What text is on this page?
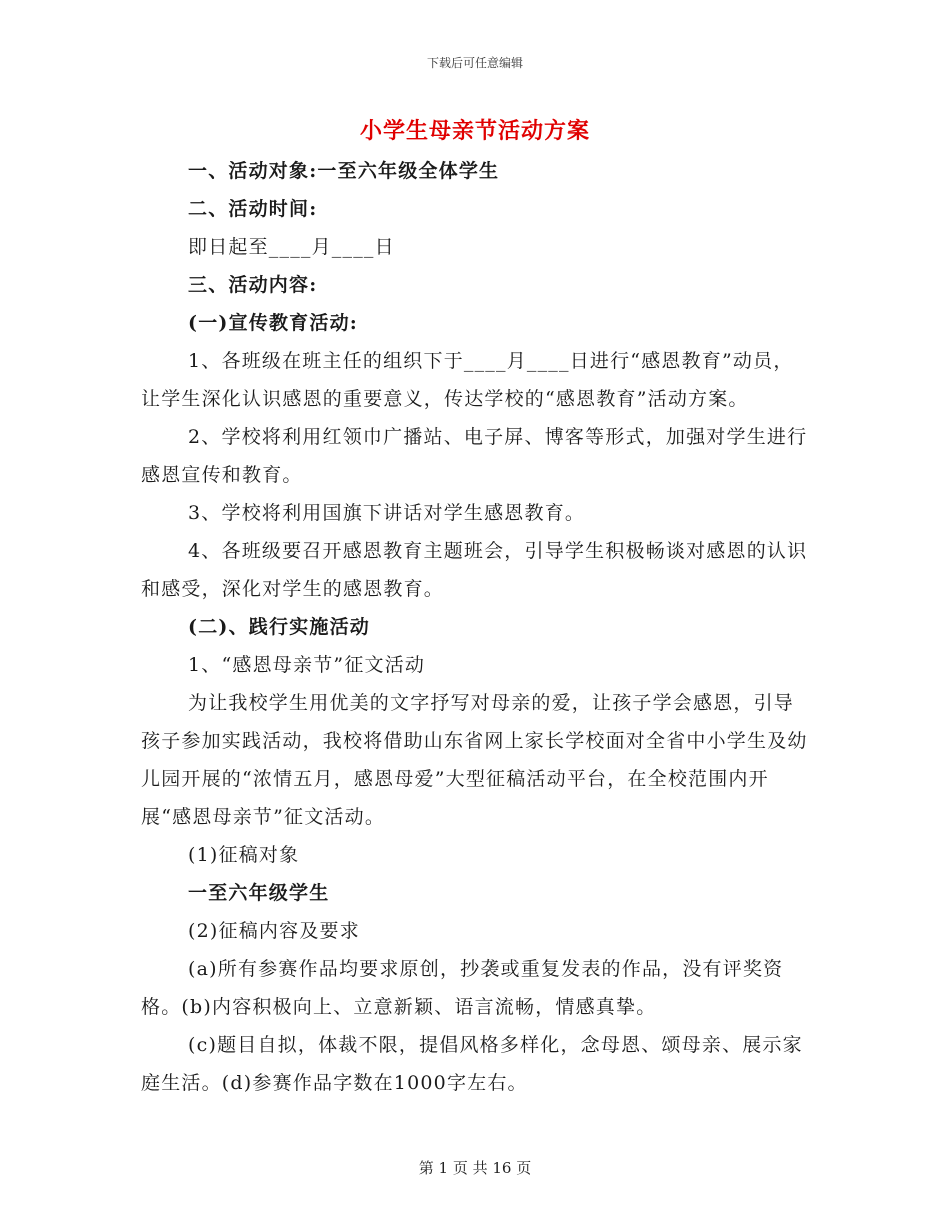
下载后可任意编辑
小学生母亲节活动方案

一、活动对象:一至六年级全体学生

二、活动时间:

即日起至____月____日

三、活动内容:

(一)宣传教育活动:

1、各班级在班主任的组织下于____月____日进行“感恩教育”动员，让学生深化认识感恩的重要意义，传达学校的“感恩教育”活动方案。

2、学校将利用红领巾广播站、电子屏、博客等形式，加强对学生进行感恩宣传和教育。

3、学校将利用国旗下讲话对学生感恩教育。

4、各班级要召开感恩教育主题班会，引导学生积极畅谈对感恩的认识和感受，深化对学生的感恩教育。

(二)、践行实施活动

1、“感恩母亲节”征文活动

为让我校学生用优美的文字抒写对母亲的爱，让孩子学会感恩，引导孩子参加实践活动，我校将借助山东省网上家长学校面对全省中小学生及幼儿园开展的“浓情五月，感恩母爱”大型征稿活动平台，在全校范围内开展“感恩母亲节”征文活动。

(1)征稿对象

一至六年级学生

(2)征稿内容及要求

(a)所有参赛作品均要求原创，抄袭或重复发表的作品，没有评奖资格。(b)内容积极向上、立意新颖、语言流畅，情感真挚。

(c)题目自拟，体裁不限，提倡风格多样化，念母恩、颂母亲、展示家庭生活。(d)参赛作品字数在1000字左右。

第 1 页 共 16 页
